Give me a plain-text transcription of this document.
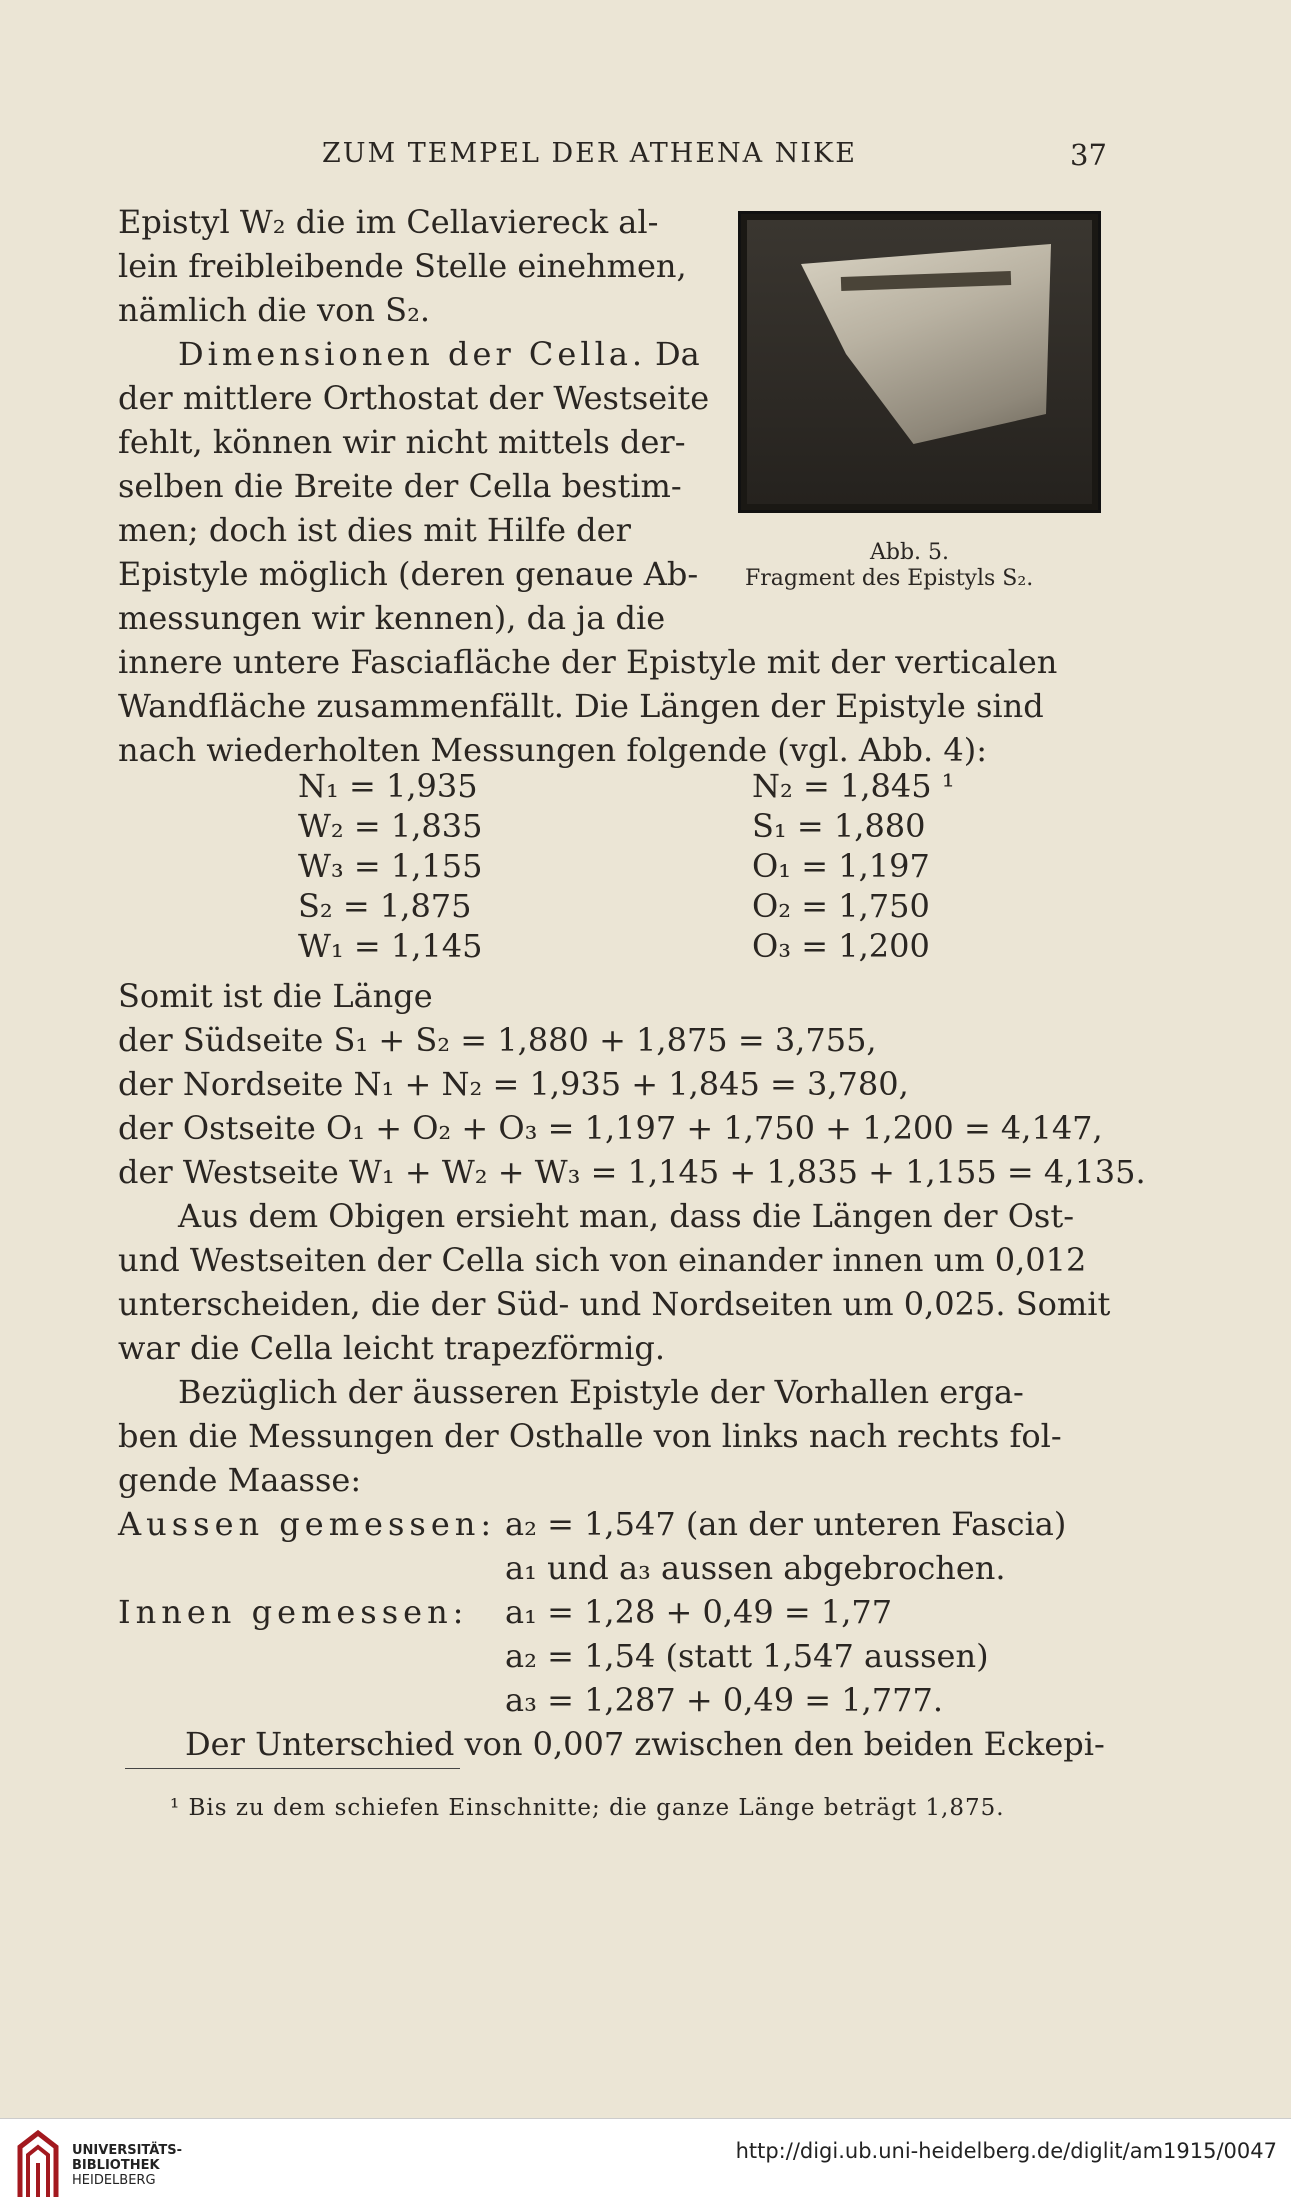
ZUM TEMPEL DER ATHENA NIKE	37
Epistyl W₂ die im Cellaviereck al-
lein freibleibende Stelle einehmen,
nämlich die von S₂.
Dimensionen der Cella. Da
der mittlere Orthostat der Westseite
fehlt, können wir nicht mittels der-
selben die Breite der Cella bestim-
men; doch ist dies mit Hilfe der
Epistyle möglich (deren genaue Ab-
messungen wir kennen), da ja die
innere untere Fasciafläche der Epistyle mit der verticalen
Wandfläche zusammenfällt. Die Längen der Epistyle sind
nach wiederholten Messungen folgende (vgl. Abb. 4):
Abb. 5.
Fragment des Epistyls S₂.
N₁ = 1,935
W₂ = 1,835
W₃ = 1,155
S₂ = 1,875
W₁ = 1,145
N₂ = 1,845 ¹
S₁ = 1,880
O₁ = 1,197
O₂ = 1,750
O₃ = 1,200
Somit ist die Länge
der Südseite S₁ + S₂ = 1,880 + 1,875 = 3,755,
der Nordseite N₁ + N₂ = 1,935 + 1,845 = 3,780,
der Ostseite O₁ + O₂ + O₃ = 1,197 + 1,750 + 1,200 = 4,147,
der Westseite W₁ + W₂ + W₃ = 1,145 + 1,835 + 1,155 = 4,135.
Aus dem Obigen ersieht man, dass die Längen der Ost-
und Westseiten der Cella sich von einander innen um 0,012
unterscheiden, die der Süd- und Nordseiten um 0,025. Somit
war die Cella leicht trapezförmig.
Bezüglich der äusseren Epistyle der Vorhallen erga-
ben die Messungen der Osthalle von links nach rechts fol-
gende Maasse:
Aussen gemessen: a₂ = 1,547 (an der unteren Fascia)
a₁ und a₃ aussen abgebrochen.
Innen gemessen: a₁ = 1,28 + 0,49 = 1,77
a₂ = 1,54 (statt 1,547 aussen)
a₃ = 1,287 + 0,49 = 1,777.
Der Unterschied von 0,007 zwischen den beiden Eckepi-
¹ Bis zu dem schiefen Einschnitte; die ganze Länge beträgt 1,875.
UNIVERSITÄTS-
BIBLIOTHEK
HEIDELBERG
http://digi.ub.uni-heidelberg.de/diglit/am1915/0047
